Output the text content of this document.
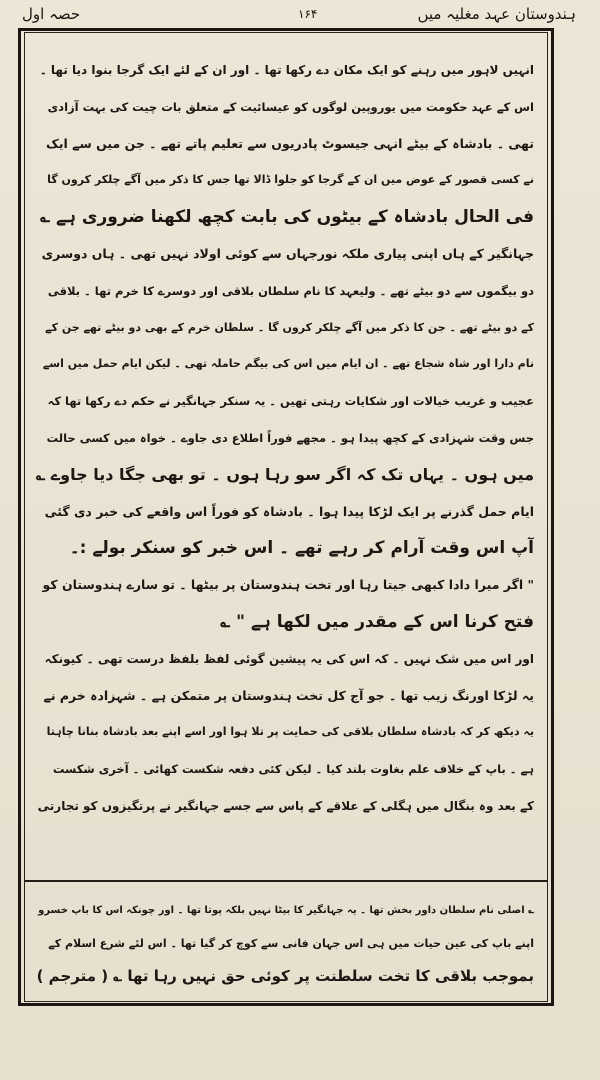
ہندوستان عہد مغلیہ میں
۱۶۴
حصہ اول
انہیں لاہور میں رہنے کو ایک مکان دے رکھا تھا ۔ اور ان کے لئے ایک گرجا بنوا دیا تھا ۔
اس کے عہد حکومت میں یوروپین لوگوں کو عیسائیت کے متعلق بات چیت کی بہت آزادی
تھی ۔ بادشاہ کے بیٹے انہی جیسوٹ پادریوں سے تعلیم پاتے تھے ۔ جن میں سے ایک
نے کسی قصور کے عوض میں ان کے گرجا کو جلوا ڈالا تھا جس کا ذکر میں آگے چلکر کروں گا
فی الحال بادشاہ کے بیٹوں کی بابت کچھ لکھنا ضروری ہے ؎
جہانگیر کے ہاں اپنی پیاری ملکہ نورجہاں سے کوئی اولاد نہیں تھی ۔ ہاں دوسری
دو بیگموں سے دو بیٹے تھے ۔ ولیعہد کا نام سلطان بلاقی اور دوسرے کا خرم تھا ۔ بلاقی
کے دو بیٹے تھے ۔ جن کا ذکر میں آگے چلکر کروں گا ۔ سلطان خرم کے بھی دو بیٹے تھے جن کے
نام دارا اور شاہ شجاع تھے ۔ ان ایام میں اس کی بیگم حاملہ تھی ۔ لیکن ایام حمل میں اسے
عجیب و غریب خیالات اور شکایات رہتی تھیں ۔ یہ سنکر جہانگیر نے حکم دے رکھا تھا کہ
جس وقت شہزادی کے کچھ پیدا ہو ۔ مجھے فوراً اطلاع دی جاوے ۔ خواہ میں کسی حالت
میں ہوں ۔ یہاں تک کہ اگر سو رہا ہوں ۔ تو بھی جگا دیا جاوے ؎
ایام حمل گذرنے پر ایک لڑکا پیدا ہوا ۔ بادشاہ کو فوراً اس واقعے کی خبر دی گئی
آپ اس وقت آرام کر رہے تھے ۔ اس خبر کو سنکر بولے :۔
" اگر میرا دادا کبھی جیتا رہا اور تخت ہندوستان پر بیٹھا ۔ تو سارے ہندوستان کو
فتح کرنا اس کے مقدر میں لکھا ہے " ؎
اور اس میں شک نہیں ۔ کہ اس کی یہ پیشین گوئی لفظ بلفظ درست تھی ۔ کیونکہ
یہ لڑکا اورنگ زیب تھا ۔ جو آج کل تخت ہندوستان پر متمکن ہے ۔ شہزادہ خرم نے
یہ دیکھ کر کہ بادشاہ سلطان بلاقی کی حمایت پر تلا ہوا اور اسے اپنے بعد بادشاہ بنانا چاہتا
ہے ۔ باپ کے خلاف علم بغاوت بلند کیا ۔ لیکن کئی دفعہ شکست کھائی ۔ آخری شکست
کے بعد وہ بنگال میں ہگلی کے علاقے کے پاس سے جسے جہانگیر نے پرتگیزوں کو تجارتی
؎ اصلی نام سلطان داور بخش تھا ۔ یہ جہانگیر کا بیٹا نہیں بلکہ پوتا تھا ۔ اور چونکہ اس کا باپ خسرو
اپنے باپ کی عین حیات میں ہی اس جہان فانی سے کوچ کر گیا تھا ۔ اس لئے شرع اسلام کے
بموجب بلاقی کا تخت سلطنت پر کوئی حق نہیں رہا تھا ؎ ( مترجم )
